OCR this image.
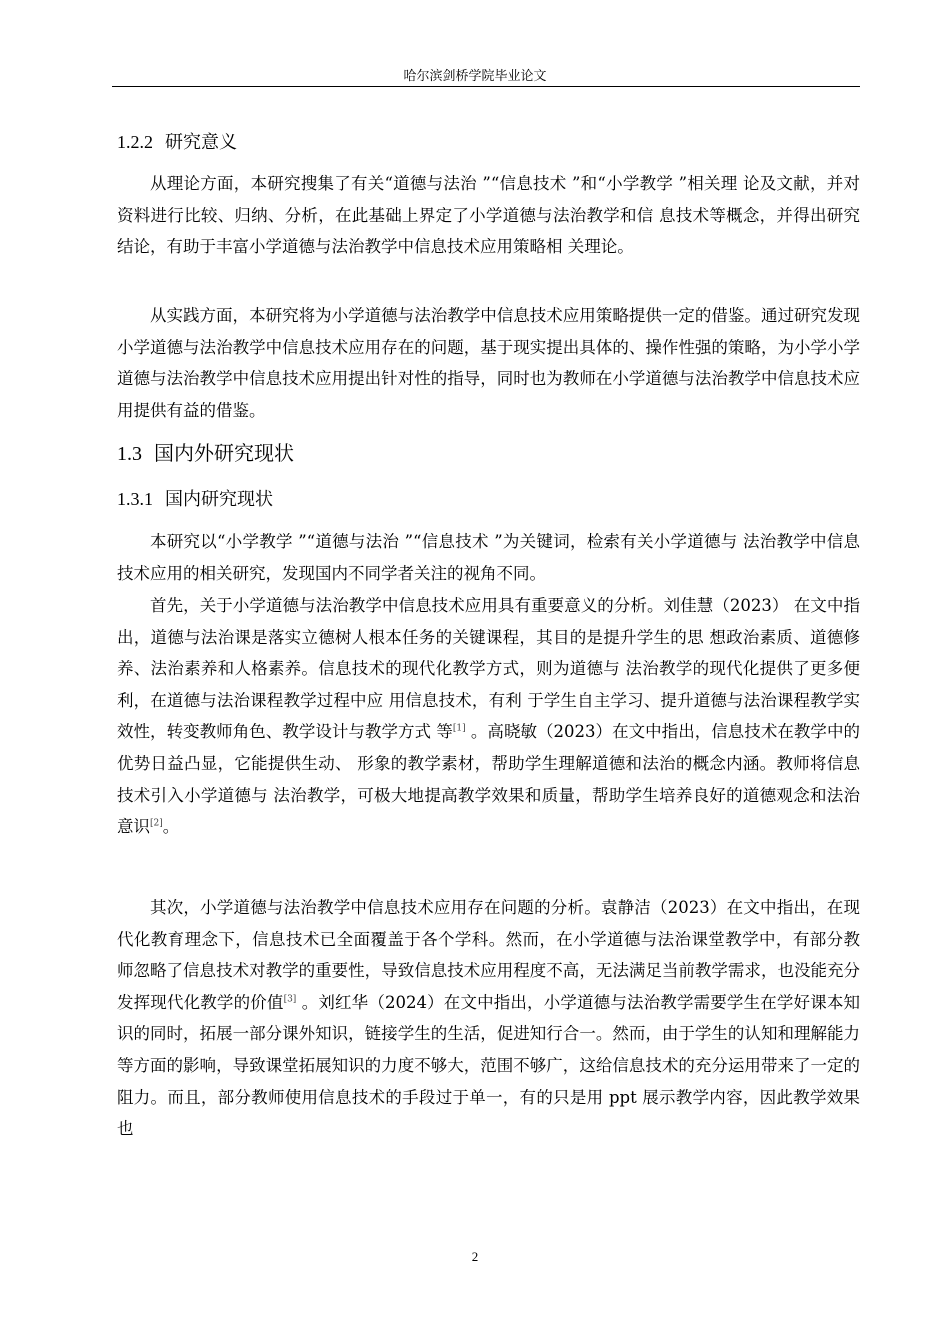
哈尔滨剑桥学院毕业论文
1.2.2 研究意义
从理论方面，本研究搜集了有关“道德与法治 ”“信息技术 ”和“小学教学 ”相关理 论及文献，并对资料进行比较、归纳、分析，在此基础上界定了小学道德与法治教学和信 息技术等概念，并得出研究结论，有助于丰富小学道德与法治教学中信息技术应用策略相 关理论。
从实践方面，本研究将为小学道德与法治教学中信息技术应用策略提供一定的借鉴。通过研究发现小学道德与法治教学中信息技术应用存在的问题，基于现实提出具体的、操作性强的策略，为小学小学道德与法治教学中信息技术应用提出针对性的指导，同时也为教师在小学道德与法治教学中信息技术应用提供有益的借鉴。
1.3 国内外研究现状
1.3.1 国内研究现状
本研究以“小学教学 ”“道德与法治 ”“信息技术 ”为关键词，检索有关小学道德与 法治教学中信息技术应用的相关研究，发现国内不同学者关注的视角不同。
首先，关于小学道德与法治教学中信息技术应用具有重要意义的分析。刘佳慧（2023） 在文中指出，道德与法治课是落实立德树人根本任务的关键课程，其目的是提升学生的思 想政治素质、道德修养、法治素养和人格素养。信息技术的现代化教学方式，则为道德与 法治教学的现代化提供了更多便利，在道德与法治课程教学过程中应 用信息技术，有利 于学生自主学习、提升道德与法治课程教学实效性，转变教师角色、教学设计与教学方式 等[1] 。高晓敏（2023）在文中指出，信息技术在教学中的优势日益凸显，它能提供生动、 形象的教学素材，帮助学生理解道德和法治的概念内涵。教师将信息技术引入小学道德与 法治教学，可极大地提高教学效果和质量，帮助学生培养良好的道德观念和法治意识[2]。
其次，小学道德与法治教学中信息技术应用存在问题的分析。袁静洁（2023）在文中指出，在现代化教育理念下，信息技术已全面覆盖于各个学科。然而，在小学道德与法治课堂教学中，有部分教 师忽略了信息技术对教学的重要性，导致信息技术应用程度不高，无法满足当前教学需求，也没能充分发挥现代化教学的价值[3] 。刘红华（2024）在文中指出，小学道德与法治教学需要学生在学好课本知识的同时，拓展一部分课外知识，链接学生的生活，促进知行合一。然而，由于学生的认知和理解能力等方面的影响，导致课堂拓展知识的力度不够大，范围不够广，这给信息技术的充分运用带来了一定的阻力。而且，部分教师使用信息技术的手段过于单一，有的只是用 ppt 展示教学内容，因此教学效果也
2
